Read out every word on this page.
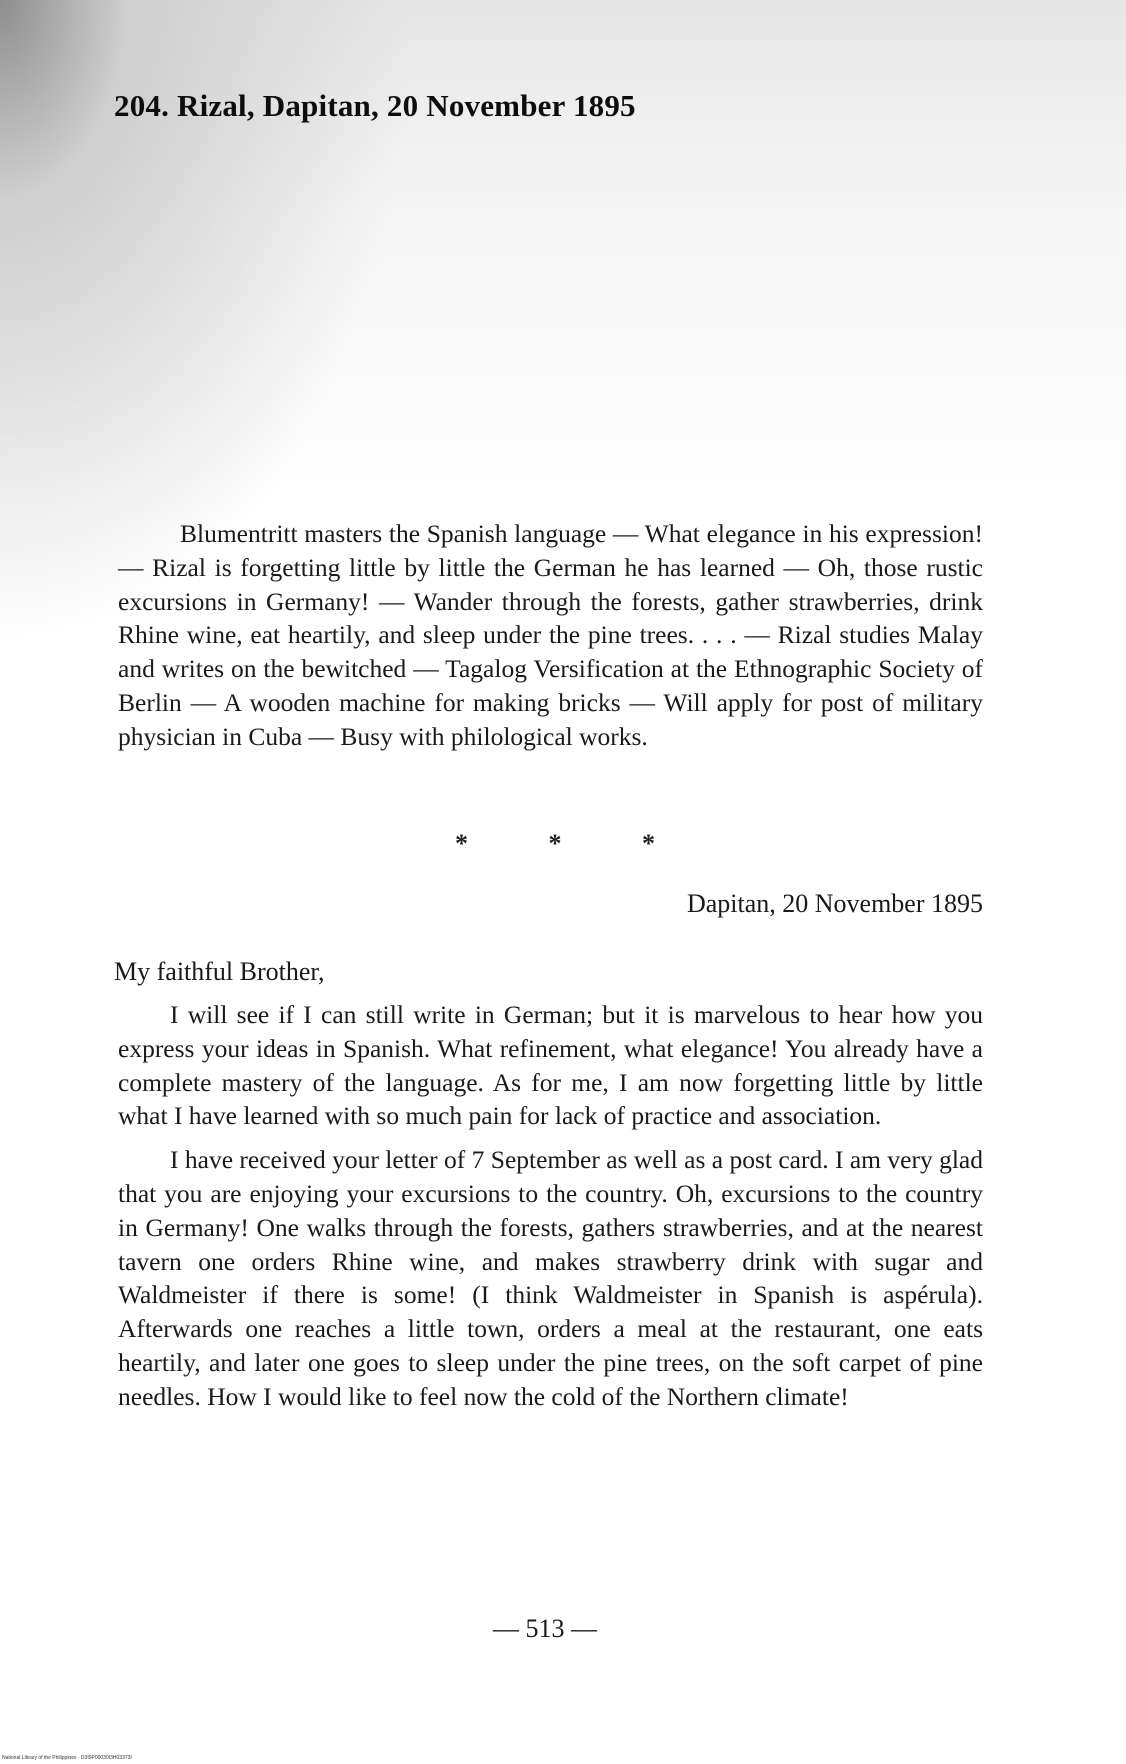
204. Rizal, Dapitan, 20 November 1895

Blumentritt masters the Spanish language — What elegance in his expression! — Rizal is forgetting little by little the German he has learned — Oh, those rustic excursions in Germany! — Wander through the forests, gather strawberries, drink Rhine wine, eat heartily, and sleep under the pine trees. . . . — Rizal studies Malay and writes on the bewitched — Tagalog Versification at the Ethnographic Society of Berlin — A wooden machine for making bricks — Will apply for post of military physician in Cuba — Busy with philological works.

*	*	*

Dapitan, 20 November 1895

My faithful Brother,

I will see if I can still write in German; but it is marvelous to hear how you express your ideas in Spanish. What refinement, what elegance! You already have a complete mastery of the language. As for me, I am now forgetting little by little what I have learned with so much pain for lack of practice and association.

I have received your letter of 7 September as well as a post card. I am very glad that you are enjoying your excursions to the country. Oh, excursions to the country in Germany! One walks through the forests, gathers strawberries, and at the nearest tavern one orders Rhine wine, and makes strawberry drink with sugar and Waldmeister if there is some! (I think Waldmeister in Spanish is aspérula). Afterwards one reaches a little town, orders a meal at the restaurant, one eats heartily, and later one goes to sleep under the pine trees, on the soft carpet of pine needles. How I would like to feel now the cold of the Northern climate!

— 513 —

National Library of the Philippines · D3I9P00030I3H03373I
